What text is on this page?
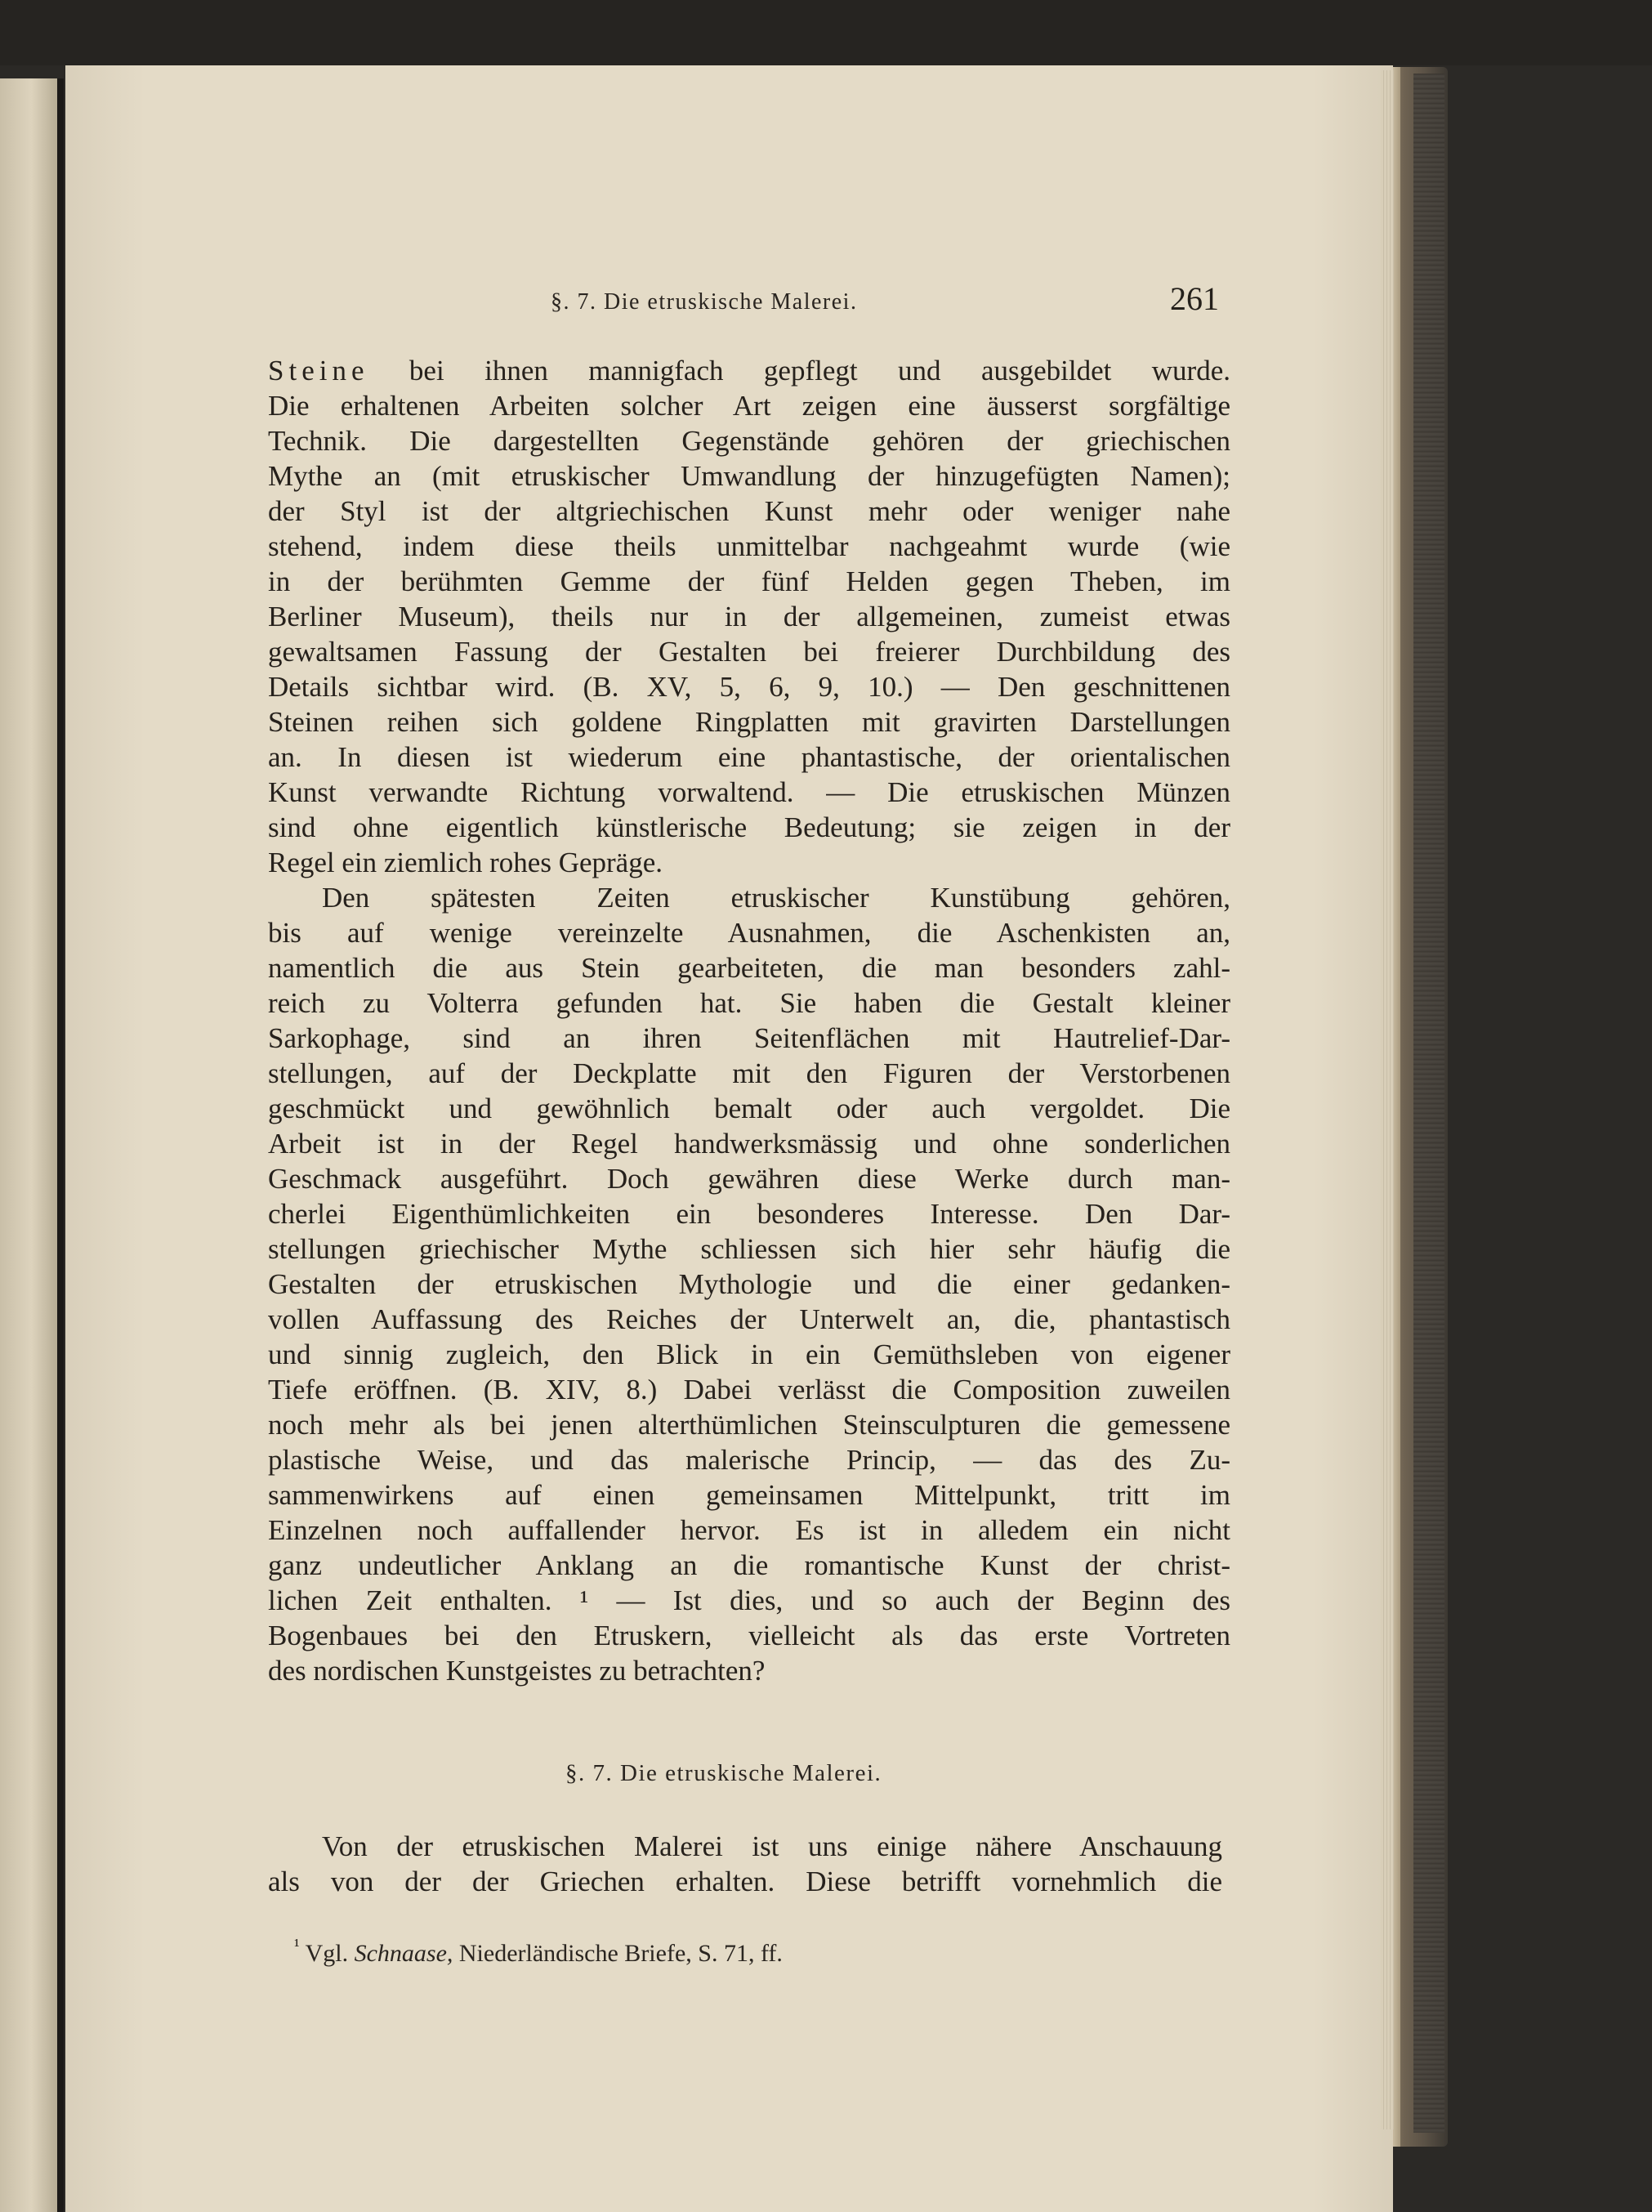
§. 7. Die etruskische Malerei.	261
Steine bei ihnen mannigfach gepflegt und ausgebildet wurde.
Die erhaltenen Arbeiten solcher Art zeigen eine äusserst sorgfältige
Technik. Die dargestellten Gegenstände gehören der griechischen
Mythe an (mit etruskischer Umwandlung der hinzugefügten Namen);
der Styl ist der altgriechischen Kunst mehr oder weniger nahe
stehend, indem diese theils unmittelbar nachgeahmt wurde (wie
in der berühmten Gemme der fünf Helden gegen Theben, im
Berliner Museum), theils nur in der allgemeinen, zumeist etwas
gewaltsamen Fassung der Gestalten bei freierer Durchbildung des
Details sichtbar wird. (B. XV, 5, 6, 9, 10.) — Den geschnittenen
Steinen reihen sich goldene Ringplatten mit gravirten Darstellungen
an. In diesen ist wiederum eine phantastische, der orientalischen
Kunst verwandte Richtung vorwaltend. — Die etruskischen Münzen
sind ohne eigentlich künstlerische Bedeutung; sie zeigen in der
Regel ein ziemlich rohes Gepräge.
Den spätesten Zeiten etruskischer Kunstübung gehören,
bis auf wenige vereinzelte Ausnahmen, die Aschenkisten an,
namentlich die aus Stein gearbeiteten, die man besonders zahl-
reich zu Volterra gefunden hat. Sie haben die Gestalt kleiner
Sarkophage, sind an ihren Seitenflächen mit Hautrelief-Dar-
stellungen, auf der Deckplatte mit den Figuren der Verstorbenen
geschmückt und gewöhnlich bemalt oder auch vergoldet. Die
Arbeit ist in der Regel handwerksmässig und ohne sonderlichen
Geschmack ausgeführt. Doch gewähren diese Werke durch man-
cherlei Eigenthümlichkeiten ein besonderes Interesse. Den Dar-
stellungen griechischer Mythe schliessen sich hier sehr häufig die
Gestalten der etruskischen Mythologie und die einer gedanken-
vollen Auffassung des Reiches der Unterwelt an, die, phantastisch
und sinnig zugleich, den Blick in ein Gemüthsleben von eigener
Tiefe eröffnen. (B. XIV, 8.) Dabei verlässt die Composition zuweilen
noch mehr als bei jenen alterthümlichen Steinsculpturen die gemessene
plastische Weise, und das malerische Princip, — das des Zu-
sammenwirkens auf einen gemeinsamen Mittelpunkt, tritt im
Einzelnen noch auffallender hervor. Es ist in alledem ein nicht
ganz undeutlicher Anklang an die romantische Kunst der christ-
lichen Zeit enthalten. ¹ — Ist dies, und so auch der Beginn des
Bogenbaues bei den Etruskern, vielleicht als das erste Vortreten
des nordischen Kunstgeistes zu betrachten?
§. 7. Die etruskische Malerei.
Von der etruskischen Malerei ist uns einige nähere Anschauung
als von der der Griechen erhalten. Diese betrifft vornehmlich die
$^{^1}$ Vgl. Schnaase, Niederländische Briefe, S. 71, ff.
